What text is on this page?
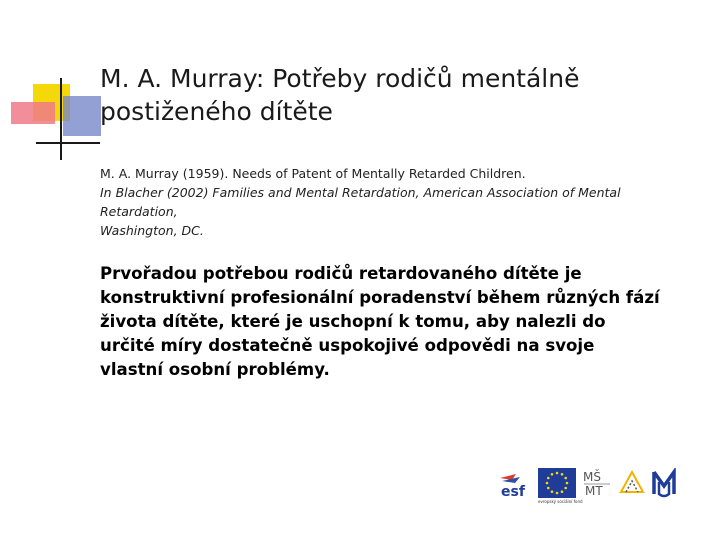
M. A. Murray: Potřeby rodičů mentálně
postiženého dítěte
M. A. Murray (1959). Needs of Patent of Mentally Retarded Children.
In Blacher (2002) Families and Mental Retardation, American Association of Mental Retardation,
Washington, DC.
Prvořadou potřebou rodičů retardovaného dítěte je
konstruktivní profesionální poradenství během různých fází
života dítěte, které je uschopní k tomu, aby nalezli do
určité míry dostatečně uspokojivé odpovědi na svoje
vlastní osobní problémy.
esf
evropský sociální fond
MŠ
MT
